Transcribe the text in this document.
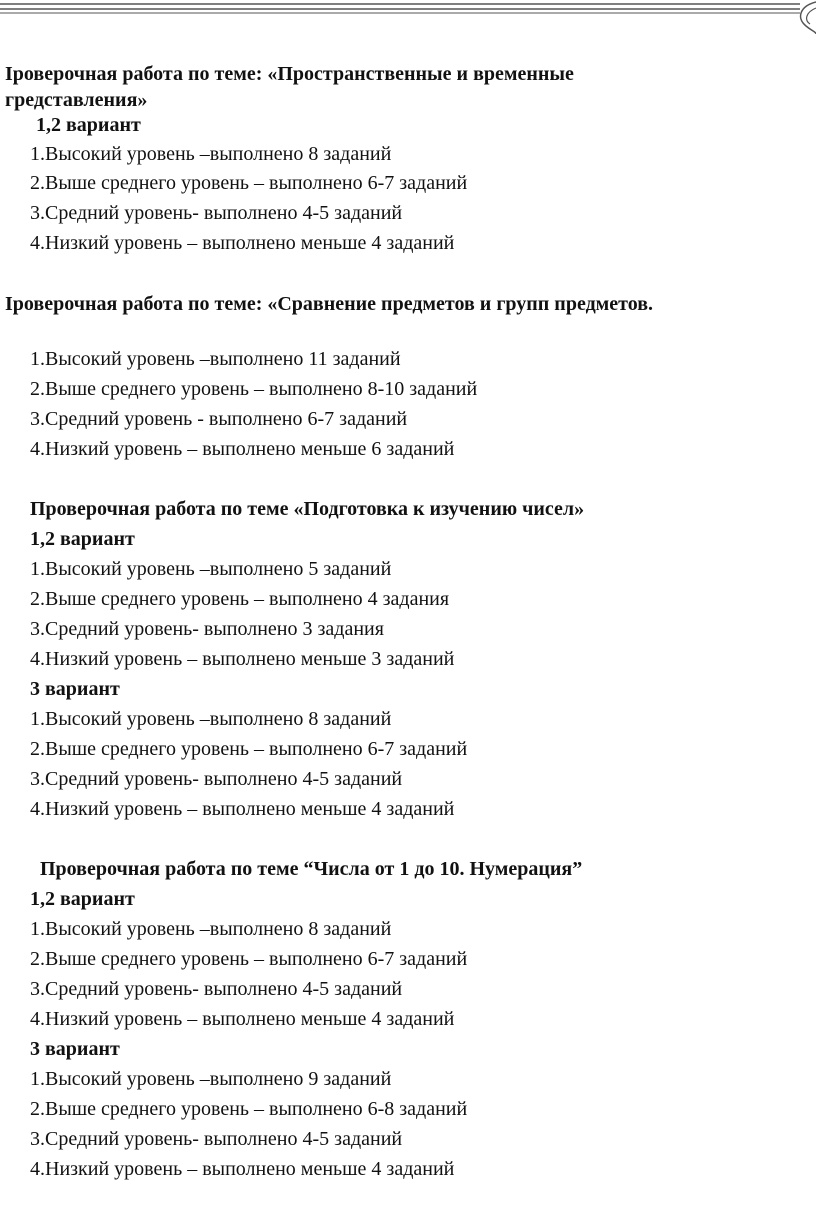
Iроверочная работа по теме: «Пространственные и временные
гредставления»
1,2 вариант
1.Высокий уровень –выполнено 8 заданий
2.Выше среднего уровень – выполнено 6-7 заданий
3.Средний уровень- выполнено 4-5 заданий
4.Низкий уровень – выполнено меньше 4 заданий
Iроверочная работа по теме: «Сравнение предметов и групп предметов.
1.Высокий уровень –выполнено 11 заданий
2.Выше среднего уровень – выполнено 8-10 заданий
3.Средний уровень - выполнено 6-7 заданий
4.Низкий уровень – выполнено меньше 6 заданий
Проверочная работа по теме «Подготовка к изучению чисел»
1,2 вариант
1.Высокий уровень –выполнено 5 заданий
2.Выше среднего уровень – выполнено 4 задания
3.Средний уровень- выполнено 3 задания
4.Низкий уровень – выполнено меньше 3 заданий
3 вариант
1.Высокий уровень –выполнено 8 заданий
2.Выше среднего уровень – выполнено 6-7 заданий
3.Средний уровень- выполнено 4-5 заданий
4.Низкий уровень – выполнено меньше 4 заданий
Проверочная работа по теме “Числа от 1 до 10. Нумерация”
1,2 вариант
1.Высокий уровень –выполнено 8 заданий
2.Выше среднего уровень – выполнено 6-7 заданий
3.Средний уровень- выполнено 4-5 заданий
4.Низкий уровень – выполнено меньше 4 заданий
3 вариант
1.Высокий уровень –выполнено 9 заданий
2.Выше среднего уровень – выполнено 6-8 заданий
3.Средний уровень- выполнено 4-5 заданий
4.Низкий уровень – выполнено меньше 4 заданий
